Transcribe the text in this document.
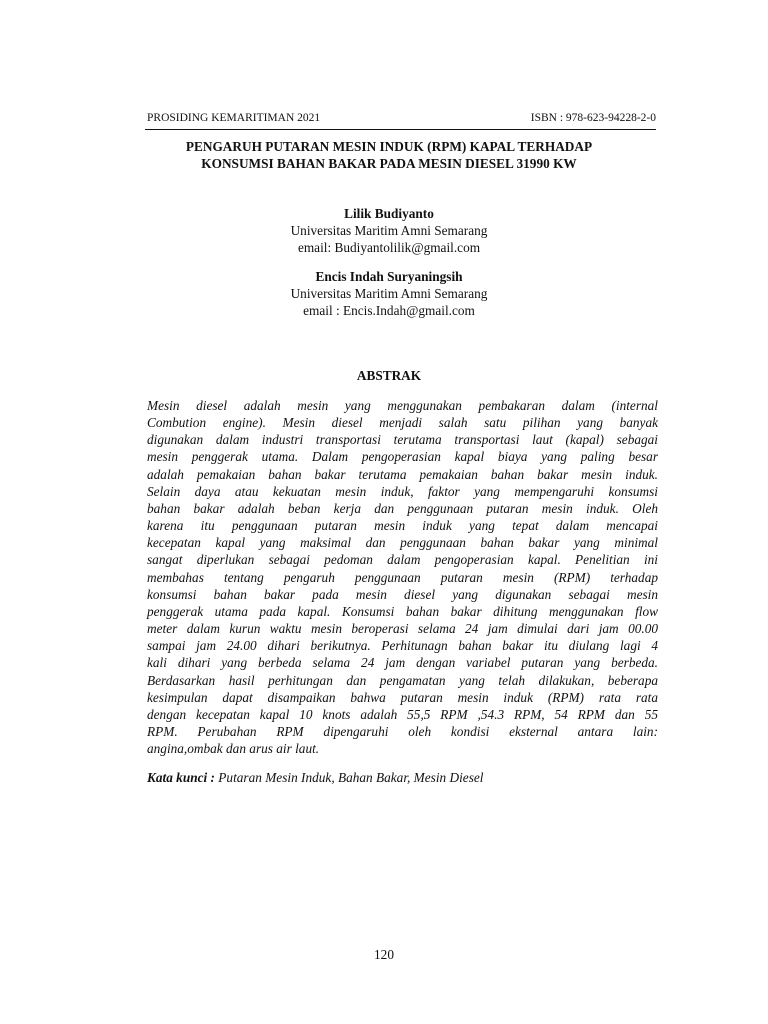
PROSIDING KEMARITIMAN 2021	ISBN : 978-623-94228-2-0
PENGARUH PUTARAN MESIN INDUK (RPM) KAPAL TERHADAP
KONSUMSI BAHAN BAKAR PADA MESIN DIESEL 31990 KW
Lilik Budiyanto
Universitas Maritim Amni Semarang
email: Budiyantolilik@gmail.com
Encis Indah Suryaningsih
Universitas Maritim Amni Semarang
email : Encis.Indah@gmail.com
ABSTRAK
Mesin diesel adalah mesin yang menggunakan pembakaran dalam (internal
Combution engine). Mesin diesel menjadi salah satu pilihan yang banyak
digunakan dalam industri transportasi terutama transportasi laut (kapal) sebagai
mesin penggerak utama. Dalam pengoperasian kapal biaya yang paling besar
adalah pemakaian bahan bakar terutama pemakaian bahan bakar mesin induk.
Selain daya atau kekuatan mesin induk, faktor yang mempengaruhi konsumsi
bahan bakar adalah beban kerja dan penggunaan putaran mesin induk. Oleh
karena itu penggunaan putaran mesin induk yang tepat dalam mencapai
kecepatan kapal yang maksimal dan penggunaan bahan bakar yang minimal
sangat diperlukan sebagai pedoman dalam pengoperasian kapal. Penelitian ini
membahas tentang pengaruh penggunaan putaran mesin (RPM) terhadap
konsumsi bahan bakar pada mesin diesel yang digunakan sebagai mesin
penggerak utama pada kapal. Konsumsi bahan bakar dihitung menggunakan flow
meter dalam kurun waktu mesin beroperasi selama 24 jam dimulai dari jam 00.00
sampai jam 24.00 dihari berikutnya. Perhitunagn bahan bakar itu diulang lagi 4
kali dihari yang berbeda selama 24 jam dengan variabel putaran yang berbeda.
Berdasarkan hasil perhitungan dan pengamatan yang telah dilakukan, beberapa
kesimpulan dapat disampaikan bahwa putaran mesin induk (RPM) rata rata
dengan kecepatan kapal 10 knots adalah 55,5 RPM ,54.3 RPM, 54 RPM dan 55
RPM. Perubahan RPM dipengaruhi oleh kondisi eksternal antara lain:
angina,ombak dan arus air laut.
Kata kunci : Putaran Mesin Induk, Bahan Bakar, Mesin Diesel
120
